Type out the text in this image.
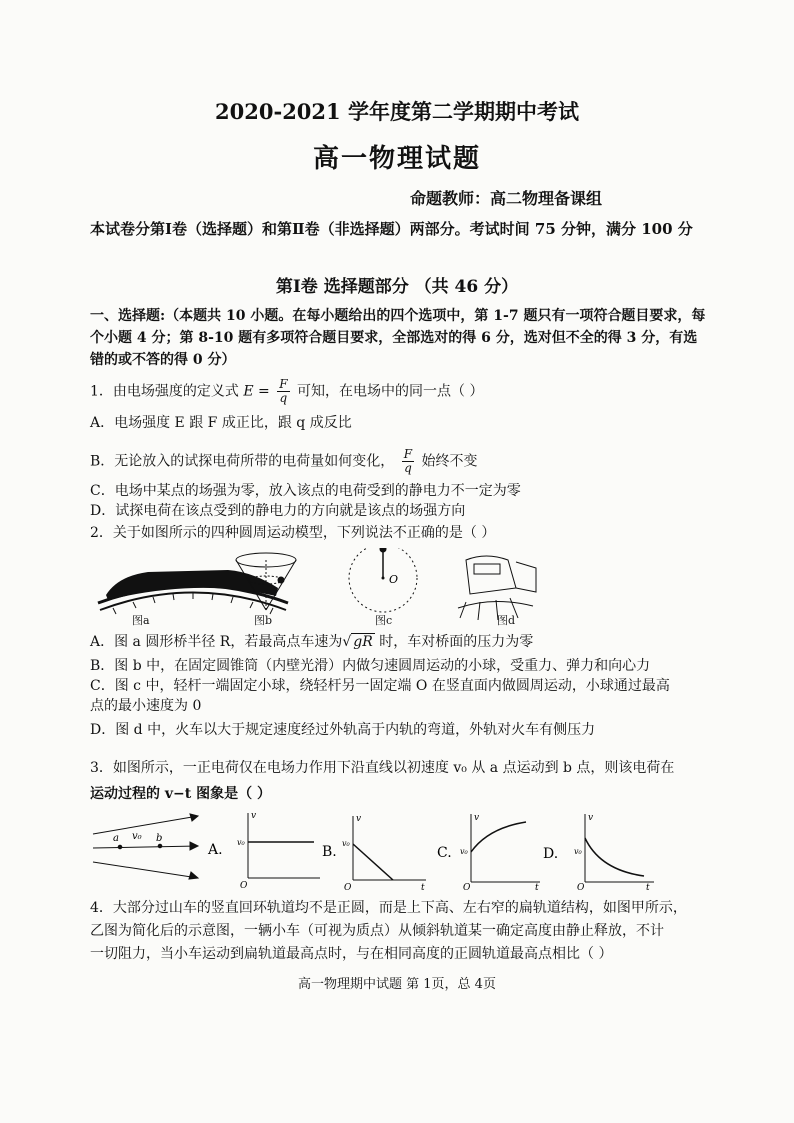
2020-2021 学年度第二学期期中考试
高一物理试题
命题教师：高二物理备课组
本试卷分第Ⅰ卷（选择题）和第Ⅱ卷（非选择题）两部分。考试时间 75 分钟，满分 100 分
第Ⅰ卷 选择题部分 （共 46 分）
一、选择题:（本题共 10 小题。在每小题给出的四个选项中，第 1-7 题只有一项符合题目要求，每个小题 4 分；第 8-10 题有多项符合题目要求，全部选对的得 6 分，选对但不全的得 3 分，有选错的或不答的得 0 分）
1．由电场强度的定义式 $E = \frac{F}{q}$ 可知，在电场中的同一点（ ）
A．电场强度 E 跟 F 成正比，跟 q 成反比
B．无论放入的试探电荷所带的电荷量如何变化， $\frac{F}{q}$ 始终不变
C．电场中某点的场强为零，放入该点的电荷受到的静电力不一定为零
D．试探电荷在该点受到的静电力的方向就是该点的场强方向
2．关于如图所示的四种圆周运动模型，下列说法不正确的是（ ）
O
图a	图b	图c	图d
A．图 a 圆形桥半径 R，若最高点车速为√ gR 时，车对桥面的压力为零
B．图 b 中，在固定圆锥筒（内壁光滑）内做匀速圆周运动的小球，受重力、弹力和向心力
C．图 c 中，轻杆一端固定小球，绕轻杆另一固定端 O 在竖直面内做圆周运动，小球通过最高
点的最小速度为 0
D．图 d 中，火车以大于规定速度经过外轨高于内轨的弯道，外轨对火车有侧压力
3．如图所示，一正电荷仅在电场力作用下沿直线以初速度 v₀ 从 a 点运动到 b 点，则该电荷在
运动过程的 v−t 图象是（ ）
a v₀ b
A.	B.	C.	D.
v
v₀
O
v
v₀
O	t
v
v₀
O	t
v
v₀
O	t
4．大部分过山车的竖直回环轨道均不是正圆，而是上下高、左右窄的扁轨道结构，如图甲所示，
乙图为简化后的示意图，一辆小车（可视为质点）从倾斜轨道某一确定高度由静止释放，不计
一切阻力，当小车运动到扁轨道最高点时，与在相同高度的正圆轨道最高点相比（ ）
高一物理期中试题 第 1页，总 4页
